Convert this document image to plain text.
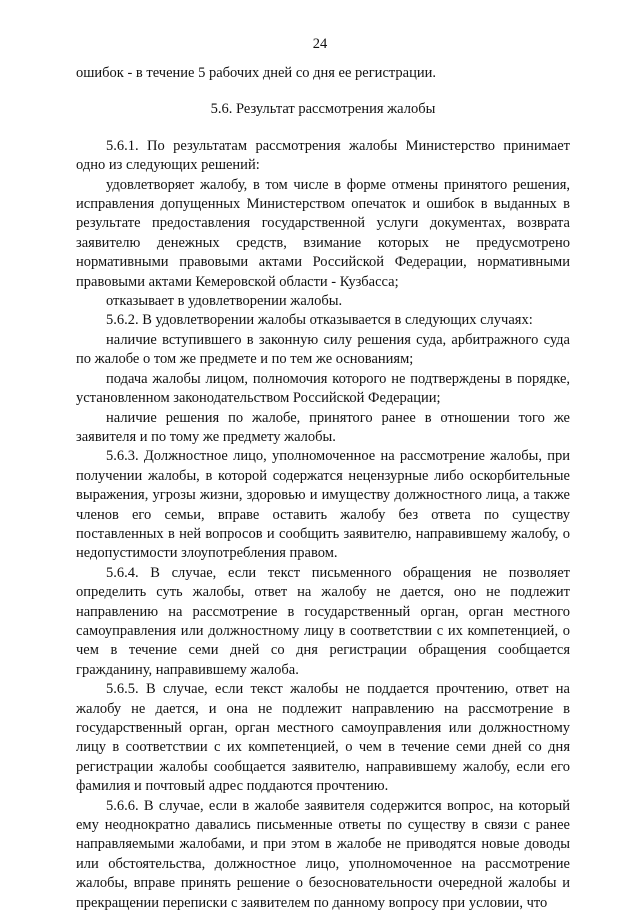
24

ошибок - в течение 5 рабочих дней со дня ее регистрации.

5.6. Результат рассмотрения жалобы

5.6.1. По результатам рассмотрения жалобы Министерство принимает одно из следующих решений:

удовлетворяет жалобу, в том числе в форме отмены принятого решения, исправления допущенных Министерством опечаток и ошибок в выданных в результате предоставления государственной услуги документах, возврата заявителю денежных средств, взимание которых не предусмотрено нормативными правовыми актами Российской Федерации, нормативными правовыми актами Кемеровской области - Кузбасса;

отказывает в удовлетворении жалобы.

5.6.2. В удовлетворении жалобы отказывается в следующих случаях:

наличие вступившего в законную силу решения суда, арбитражного суда по жалобе о том же предмете и по тем же основаниям;

подача жалобы лицом, полномочия которого не подтверждены в порядке, установленном законодательством Российской Федерации;

наличие решения по жалобе, принятого ранее в отношении того же заявителя и по тому же предмету жалобы.

5.6.3. Должностное лицо, уполномоченное на рассмотрение жалобы, при получении жалобы, в которой содержатся нецензурные либо оскорбительные выражения, угрозы жизни, здоровью и имуществу должностного лица, а также членов его семьи, вправе оставить жалобу без ответа по существу поставленных в ней вопросов и сообщить заявителю, направившему жалобу, о недопустимости злоупотребления правом.

5.6.4. В случае, если текст письменного обращения не позволяет определить суть жалобы, ответ на жалобу не дается, оно не подлежит направлению на рассмотрение в государственный орган, орган местного самоуправления или должностному лицу в соответствии с их компетенцией, о чем в течение семи дней со дня регистрации обращения сообщается гражданину, направившему жалоба.

5.6.5. В случае, если текст жалобы не поддается прочтению, ответ на жалобу не дается, и она не подлежит направлению на рассмотрение в государственный орган, орган местного самоуправления или должностному лицу в соответствии с их компетенцией, о чем в течение семи дней со дня регистрации жалобы сообщается заявителю, направившему жалобу, если его фамилия и почтовый адрес поддаются прочтению.

5.6.6. В случае, если в жалобе заявителя содержится вопрос, на который ему неоднократно давались письменные ответы по существу в связи с ранее направляемыми жалобами, и при этом в жалобе не приводятся новые доводы или обстоятельства, должностное лицо, уполномоченное на рассмотрение жалобы, вправе принять решение о безосновательности очередной жалобы и прекращении переписки с заявителем по данному вопросу при условии, что
